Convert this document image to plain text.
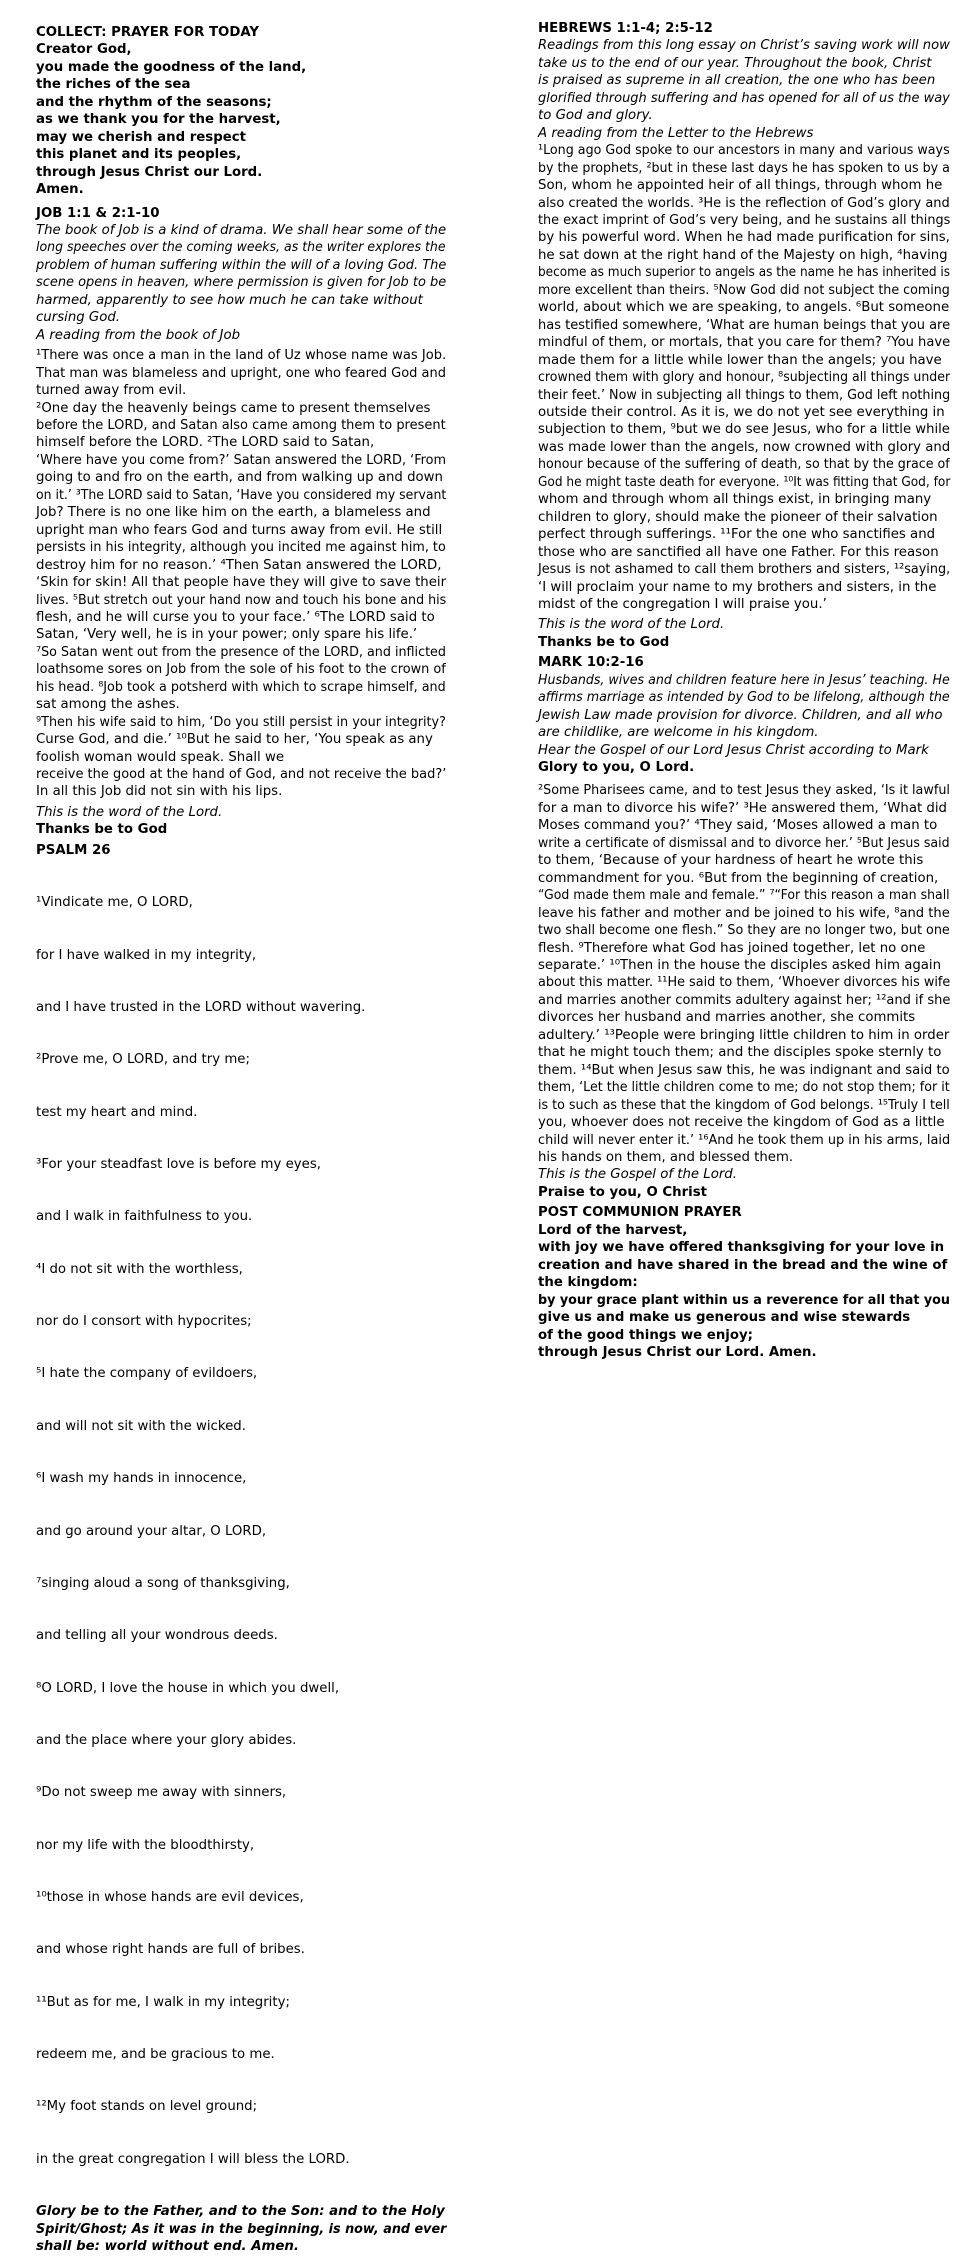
COLLECT: PRAYER FOR TODAY
Creator God,
you made the goodness of the land,
the riches of the sea
and the rhythm of the seasons;
as we thank you for the harvest,
may we cherish and respect
this planet and its peoples,
through Jesus Christ our Lord.
Amen.
JOB 1:1 & 2:1-10
The book of Job is a kind of drama. We shall hear some of the
long speeches over the coming weeks, as the writer explores the
problem of human suffering within the will of a loving God. The
scene opens in heaven, where permission is given for Job to be
harmed, apparently to see how much he can take without
cursing God.
A reading from the book of Job
¹There was once a man in the land of Uz whose name was Job.
That man was blameless and upright, one who feared God and
turned away from evil.
²One day the heavenly beings came to present themselves
before the LORD, and Satan also came among them to present
himself before the LORD. ²The LORD said to Satan,
‘Where have you come from?’ Satan answered the LORD, ‘From
going to and fro on the earth, and from walking up and down
on it.’ ³The LORD said to Satan, ‘Have you considered my servant
Job? There is no one like him on the earth, a blameless and
upright man who fears God and turns away from evil. He still
persists in his integrity, although you incited me against him, to
destroy him for no reason.’ ⁴Then Satan answered the LORD,
‘Skin for skin! All that people have they will give to save their
lives. ⁵But stretch out your hand now and touch his bone and his
flesh, and he will curse you to your face.’ ⁶The LORD said to
Satan, ‘Very well, he is in your power; only spare his life.’
⁷So Satan went out from the presence of the LORD, and inflicted
loathsome sores on Job from the sole of his foot to the crown of
his head. ⁸Job took a potsherd with which to scrape himself, and
sat among the ashes.
⁹Then his wife said to him, ‘Do you still persist in your integrity?
Curse God, and die.’ ¹⁰But he said to her, ‘You speak as any
foolish woman would speak. Shall we
receive the good at the hand of God, and not receive the bad?’
In all this Job did not sin with his lips.
This is the word of the Lord.
Thanks be to God
PSALM 26

¹Vindicate me, O LORD,

for I have walked in my integrity,

and I have trusted in the LORD without wavering.

²Prove me, O LORD, and try me;

test my heart and mind.

³For your steadfast love is before my eyes,

and I walk in faithfulness to you.

⁴I do not sit with the worthless,

nor do I consort with hypocrites;

⁵I hate the company of evildoers,

and will not sit with the wicked.

⁶I wash my hands in innocence,

and go around your altar, O LORD,

⁷singing aloud a song of thanksgiving,

and telling all your wondrous deeds.

⁸O LORD, I love the house in which you dwell,

and the place where your glory abides.

⁹Do not sweep me away with sinners,

nor my life with the bloodthirsty,

¹⁰those in whose hands are evil devices,

and whose right hands are full of bribes.

¹¹But as for me, I walk in my integrity;

redeem me, and be gracious to me.

¹²My foot stands on level ground;

in the great congregation I will bless the LORD.

Glory be to the Father, and to the Son: and to the Holy
Spirit/Ghost; As it was in the beginning, is now, and ever
shall be: world without end. Amen.
HEBREWS 1:1-4; 2:5-12
Readings from this long essay on Christ’s saving work will now
take us to the end of our year. Throughout the book, Christ
is praised as supreme in all creation, the one who has been
glorified through suffering and has opened for all of us the way
to God and glory.
A reading from the Letter to the Hebrews
¹Long ago God spoke to our ancestors in many and various ways
by the prophets, ²but in these last days he has spoken to us by a
Son, whom he appointed heir of all things, through whom he
also created the worlds. ³He is the reflection of God’s glory and
the exact imprint of God’s very being, and he sustains all things
by his powerful word. When he had made purification for sins,
he sat down at the right hand of the Majesty on high, ⁴having
become as much superior to angels as the name he has inherited is
more excellent than theirs. ⁵Now God did not subject the coming
world, about which we are speaking, to angels. ⁶But someone
has testified somewhere, ‘What are human beings that you are
mindful of them, or mortals, that you care for them? ⁷You have
made them for a little while lower than the angels; you have
crowned them with glory and honour, ⁸subjecting all things under
their feet.’ Now in subjecting all things to them, God left nothing
outside their control. As it is, we do not yet see everything in
subjection to them, ⁹but we do see Jesus, who for a little while
was made lower than the angels, now crowned with glory and
honour because of the suffering of death, so that by the grace of
God he might taste death for everyone. ¹⁰It was fitting that God, for
whom and through whom all things exist, in bringing many
children to glory, should make the pioneer of their salvation
perfect through sufferings. ¹¹For the one who sanctifies and
those who are sanctified all have one Father. For this reason
Jesus is not ashamed to call them brothers and sisters, ¹²saying,
‘I will proclaim your name to my brothers and sisters, in the
midst of the congregation I will praise you.’
This is the word of the Lord.
Thanks be to God
MARK 10:2-16
Husbands, wives and children feature here in Jesus’ teaching. He
affirms marriage as intended by God to be lifelong, although the
Jewish Law made provision for divorce. Children, and all who
are childlike, are welcome in his kingdom.
Hear the Gospel of our Lord Jesus Christ according to Mark
Glory to you, O Lord.
²Some Pharisees came, and to test Jesus they asked, ‘Is it lawful
for a man to divorce his wife?’ ³He answered them, ‘What did
Moses command you?’ ⁴They said, ‘Moses allowed a man to
write a certificate of dismissal and to divorce her.’ ⁵But Jesus said
to them, ‘Because of your hardness of heart he wrote this
commandment for you. ⁶But from the beginning of creation,
“God made them male and female.” ⁷“For this reason a man shall
leave his father and mother and be joined to his wife, ⁸and the
two shall become one flesh.” So they are no longer two, but one
flesh. ⁹Therefore what God has joined together, let no one
separate.’ ¹⁰Then in the house the disciples asked him again
about this matter. ¹¹He said to them, ‘Whoever divorces his wife
and marries another commits adultery against her; ¹²and if she
divorces her husband and marries another, she commits
adultery.’ ¹³People were bringing little children to him in order
that he might touch them; and the disciples spoke sternly to
them. ¹⁴But when Jesus saw this, he was indignant and said to
them, ‘Let the little children come to me; do not stop them; for it
is to such as these that the kingdom of God belongs. ¹⁵Truly I tell
you, whoever does not receive the kingdom of God as a little
child will never enter it.’ ¹⁶And he took them up in his arms, laid
his hands on them, and blessed them.
This is the Gospel of the Lord.
Praise to you, O Christ
POST COMMUNION PRAYER
Lord of the harvest,
with joy we have offered thanksgiving for your love in
creation and have shared in the bread and the wine of
the kingdom:
by your grace plant within us a reverence for all that you
give us and make us generous and wise stewards
of the good things we enjoy;
through Jesus Christ our Lord. Amen.
